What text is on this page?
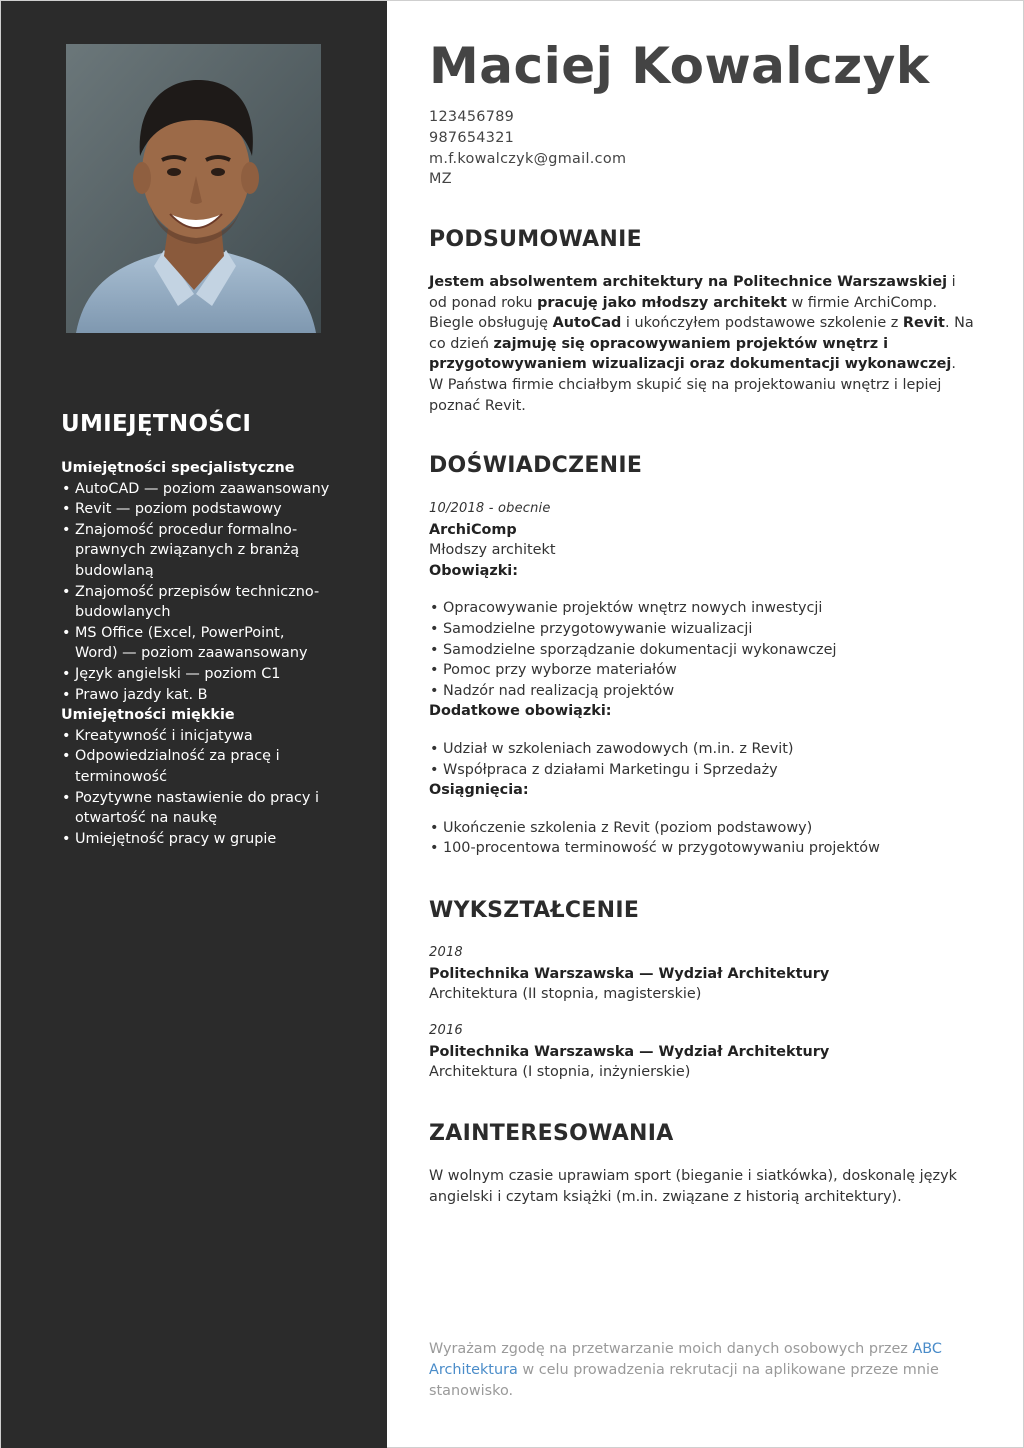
UMIEJĘTNOŚCI
Umiejętności specjalistyczne
• AutoCAD — poziom zaawansowany
• Revit — poziom podstawowy
• Znajomość procedur formalno-prawnych związanych z branżą budowlaną
• Znajomość przepisów techniczno-budowlanych
• MS Office (Excel, PowerPoint, Word) — poziom zaawansowany
• Język angielski — poziom C1
• Prawo jazdy kat. B
Umiejętności miękkie
• Kreatywność i inicjatywa
• Odpowiedzialność za pracę i terminowość
• Pozytywne nastawienie do pracy i otwartość na naukę
• Umiejętność pracy w grupie
Maciej Kowalczyk
123456789
987654321
m.f.kowalczyk@gmail.com
MZ
PODSUMOWANIE
Jestem absolwentem architektury na Politechnice Warszawskiej i od ponad roku pracuję jako młodszy architekt w firmie ArchiComp. Biegle obsługuję AutoCad i ukończyłem podstawowe szkolenie z Revit. Na co dzień zajmuję się opracowywaniem projektów wnętrz i przygotowywaniem wizualizacji oraz dokumentacji wykonawczej. W Państwa firmie chciałbym skupić się na projektowaniu wnętrz i lepiej poznać Revit.
DOŚWIADCZENIE
10/2018 - obecnie
ArchiComp
Młodszy architekt
Obowiązki:
• Opracowywanie projektów wnętrz nowych inwestycji
• Samodzielne przygotowywanie wizualizacji
• Samodzielne sporządzanie dokumentacji wykonawczej
• Pomoc przy wyborze materiałów
• Nadzór nad realizacją projektów
Dodatkowe obowiązki:
• Udział w szkoleniach zawodowych (m.in. z Revit)
• Współpraca z działami Marketingu i Sprzedaży
Osiągnięcia:
• Ukończenie szkolenia z Revit (poziom podstawowy)
• 100-procentowa terminowość w przygotowywaniu projektów
WYKSZTAŁCENIE
2018
Politechnika Warszawska — Wydział Architektury
Architektura (II stopnia, magisterskie)
2016
Politechnika Warszawska — Wydział Architektury
Architektura (I stopnia, inżynierskie)
ZAINTERESOWANIA
W wolnym czasie uprawiam sport (bieganie i siatkówka), doskonalę język angielski i czytam książki (m.in. związane z historią architektury).
Wyrażam zgodę na przetwarzanie moich danych osobowych przez ABC Architektura w celu prowadzenia rekrutacji na aplikowane przeze mnie stanowisko.
